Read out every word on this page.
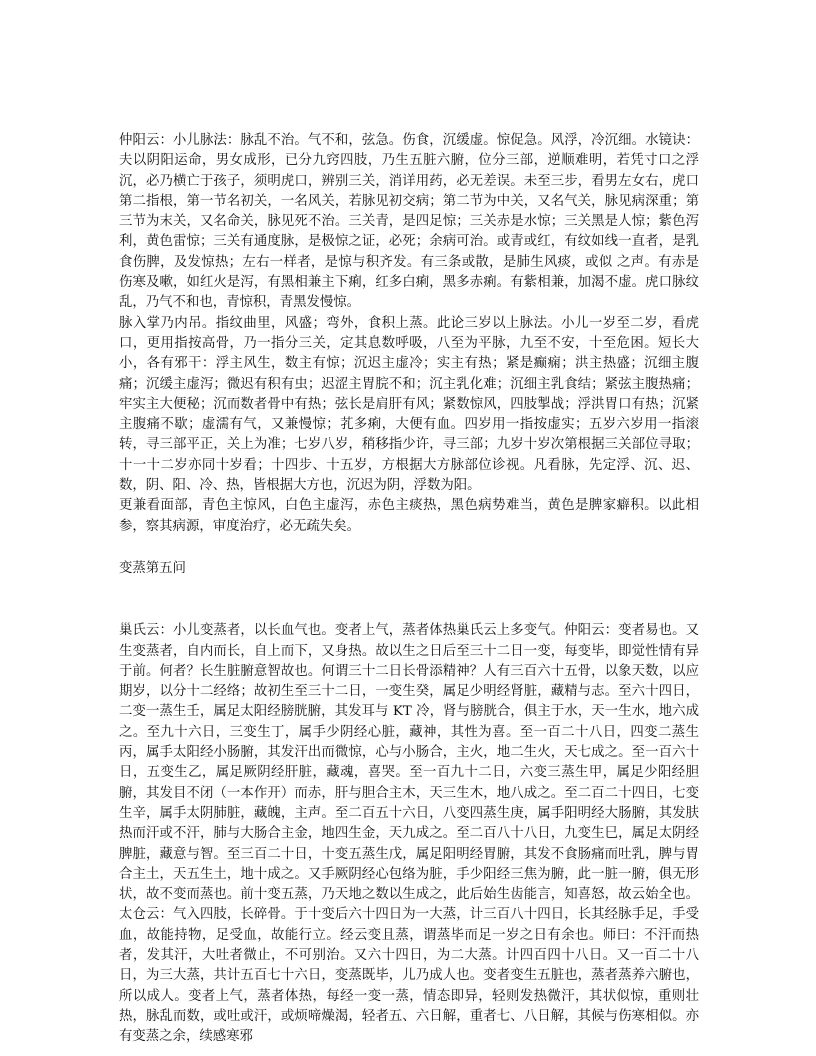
仲阳云：小儿脉法：脉乱不治。气不和，弦急。伤食，沉缓虚。惊促急。风浮，冷沉细。水镜诀：夫以阴阳运命，男女成形，已分九窍四肢，乃生五脏六腑，位分三部，逆顺难明，若凭寸口之浮沉，必乃横亡于孩子，须明虎口，辨别三关，消详用药，必无差误。未至三步，看男左女右，虎口第二指根，第一节名初关，一名风关，若脉见初交病；第二节为中关，又名气关，脉见病深重；第三节为末关，又名命关，脉见死不治。三关青，是四足惊；三关赤是水惊；三关黑是人惊；紫色泻利，黄色雷惊；三关有通度脉，是极惊之证，必死；余病可治。或青或红，有纹如线一直者，是乳食伤脾，及发惊热；左右一样者，是惊与积齐发。有三条或散，是肺生风痰，或似 之声。有赤是伤寒及嗽，如红火是泻，有黑相兼主下痢，红多白痢，黑多赤痢。有紫相兼，加渴不虚。虎口脉纹乱，乃气不和也，青惊积，青黑发慢惊。

脉入掌乃内吊。指纹曲里，风盛；弯外，食积上蒸。此论三岁以上脉法。小儿一岁至二岁，看虎口，更用指按高骨，乃一指分三关，定其息数呼吸，八至为平脉，九至不安，十至危困。短长大小，各有邪干：浮主风生，数主有惊；沉迟主虚冷；实主有热；紧是癫痫；洪主热盛；沉细主腹痛；沉缓主虚泻；微迟有积有虫；迟涩主胃脘不和；沉主乳化难；沉细主乳食结；紧弦主腹热痛；牢实主大便秘；沉而数者骨中有热；弦长是肩肝有风；紧数惊风，四肢掣战；浮洪胃口有热；沉紧主腹痛不歇；虚濡有气，又兼慢惊；芤多痢，大便有血。四岁用一指按虚实；五岁六岁用一指滚转，寻三部平正，关上为准；七岁八岁，稍移指少许，寻三部；九岁十岁次第根据三关部位寻取；十一十二岁亦同十岁看；十四步、十五岁，方根据大方脉部位诊视。凡看脉，先定浮、沉、迟、数，阴、阳、冷、热，皆根据大方也，沉迟为阴，浮数为阳。

更兼看面部，青色主惊风，白色主虚泻，赤色主痰热，黑色病势难当，黄色是脾家癖积。以此相参，察其病源，审度治疗，必无疏失矣。

变蒸第五问

巢氏云：小儿变蒸者，以长血气也。变者上气，蒸者体热巢氏云上多变气。仲阳云：变者易也。又生变蒸者，自内而长，自上而下，又身热。故以生之日后至三十二日一变，每变毕，即觉性情有异于前。何者？长生脏腑意智故也。何谓三十二日长骨添精神？人有三百六十五骨，以象天数，以应期岁，以分十二经络；故初生至三十二日，一变生癸，属足少明经肾脏，藏精与志。至六十四日，二变一蒸生壬，属足太阳经膀胱腑，其发耳与 KT 冷，肾与膀胱合，俱主于水，天一生水，地六成之。至九十六日，三变生丁，属手少阴经心脏，藏神，其性为喜。至一百二十八日，四变二蒸生丙，属手太阳经小肠腑，其发汗出而微惊，心与小肠合，主火，地二生火，天七成之。至一百六十日，五变生乙，属足厥阴经肝脏，藏魂，喜哭。至一百九十二日，六变三蒸生甲，属足少阳经胆腑，其发目不闭（一本作开）而赤，肝与胆合主木，天三生木，地八成之。至二百二十四日，七变生辛，属手太阴肺脏，藏魄，主声。至二百五十六日，八变四蒸生庚，属手阳明经大肠腑，其发肤热而汗或不汗，肺与大肠合主金，地四生金，天九成之。至二百八十八日，九变生巳，属足太阴经脾脏，藏意与智。至三百二十日，十变五蒸生戊，属足阳明经胃腑，其发不食肠痛而吐乳，脾与胃合主土，天五生土，地十成之。又手厥阴经心包络为脏，手少阳经三焦为腑，此一脏一腑，俱无形状，故不变而蒸也。前十变五蒸，乃天地之数以生成之，此后始生齿能言，知喜怒，故云始全也。太仓云：气入四肢，长碎骨。于十变后六十四日为一大蒸，计三百八十四日，长其经脉手足，手受血，故能持物，足受血，故能行立。经云变且蒸，谓蒸毕而足一岁之日有余也。师曰：不汗而热者，发其汗，大吐者微止，不可别治。又六十四日，为二大蒸。计四百四十八日。又一百二十八日，为三大蒸，共计五百七十六日，变蒸既毕，儿乃成人也。变者变生五脏也，蒸者蒸养六腑也，所以成人。变者上气，蒸者体热，每经一变一蒸，情态即异，轻则发热微汗，其状似惊，重则壮热，脉乱而数，或吐或汗，或烦啼燥渴，轻者五、六日解，重者七、八日解，其候与伤寒相似。亦有变蒸之余，续感寒邪
